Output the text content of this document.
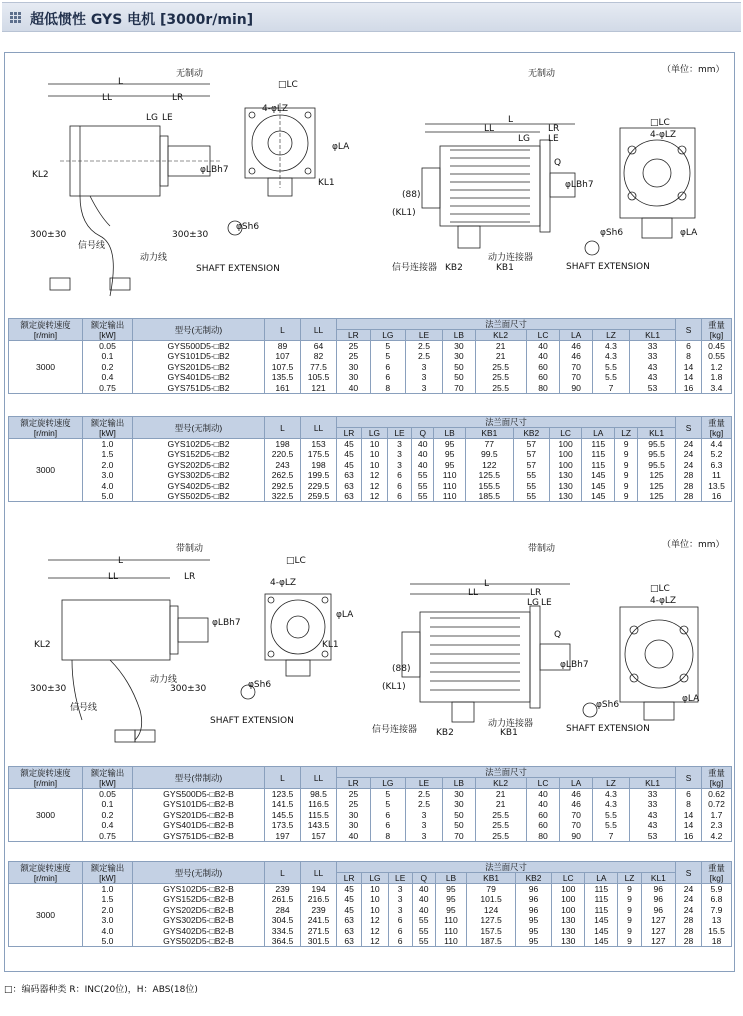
超低惯性 GYS 电机 [3000r/min]
无制动	无制动	（单位：mm）
带制动	带制动	（单位：mm）
L
LL	LR
LG LE
□LC
4-φLZ
φLA
φLBh7
KL1
KL2
300±30	300±30
信号线
动力线
φSh6
SHAFT EXTENSION
L
LL	LR
LG LE
Q
□LC
4-φLZ
φLA
φLBh7
(KL1)
(88)
信号连接器
动力连接器
KB2	KB1
φSh6
SHAFT EXTENSION
L
LL	LR
□LC
4-φLZ
φLA
φLBh7
KL1
KL2
300±30	300±30
信号线
动力线	φSh6
SHAFT EXTENSION
L
LL	LR
LG LE
Q
□LC
4-φLZ
φLA
φLBh7
(KL1)
(88)
信号连接器
动力连接器
KB2	KB1
φSh6
SHAFT EXTENSION
额定旋转速度
[r/min]	额定输出
[kW]	型号(无制动)	L	LL	法兰面尺寸									S	重量
[kg]
					LR	LG	LE	LB	KL2	LC	LA	LZ	KL1		
3000	0.05	GYS500D5-□B2	89	64	25	5	2.5	30	21	40	46	4.3	33	6	0.45
	0.1	GYS101D5-□B2	107	82	25	5	2.5	30	21	40	46	4.3	33	8	0.55
	0.2	GYS201D5-□B2	107.5	77.5	30	6	3	50	25.5	60	70	5.5	43	14	1.2
	0.4	GYS401D5-□B2	135.5	105.5	30	6	3	50	25.5	60	70	5.5	43	14	1.8
	0.75	GYS751D5-□B2	161	121	40	8	3	70	25.5	80	90	7	53	16	3.4
额定旋转速度
[r/min]	额定输出
[kW]	型号(无制动)	L	LL	法兰面尺寸											S	重量
[kg]
					LR	LG	LE	Q	LB	KB1	KB2	LC	LA	LZ	KL1		
3000	1.0	GYS102D5-□B2	198	153	45	10	3	40	95	77	57	100	115	9	95.5	24	4.4
	1.5	GYS152D5-□B2	220.5	175.5	45	10	3	40	95	99.5	57	100	115	9	95.5	24	5.2
	2.0	GYS202D5-□B2	243	198	45	10	3	40	95	122	57	100	115	9	95.5	24	6.3
	3.0	GYS302D5-□B2	262.5	199.5	63	12	6	55	110	125.5	55	130	145	9	125	28	11
	4.0	GYS402D5-□B2	292.5	229.5	63	12	6	55	110	155.5	55	130	145	9	125	28	13.5
	5.0	GYS502D5-□B2	322.5	259.5	63	12	6	55	110	185.5	55	130	145	9	125	28	16
额定旋转速度
[r/min]	额定输出
[kW]	型号(带制动)	L	LL	法兰面尺寸									S	重量
[kg]
					LR	LG	LE	LB	KL2	LC	LA	LZ	KL1		
3000	0.05	GYS500D5-□B2-B	123.5	98.5	25	5	2.5	30	21	40	46	4.3	33	6	0.62
	0.1	GYS101D5-□B2-B	141.5	116.5	25	5	2.5	30	21	40	46	4.3	33	8	0.72
	0.2	GYS201D5-□B2-B	145.5	115.5	30	6	3	50	25.5	60	70	5.5	43	14	1.7
	0.4	GYS401D5-□B2-B	173.5	143.5	30	6	3	50	25.5	60	70	5.5	43	14	2.3
	0.75	GYS751D5-□B2-B	197	157	40	8	3	70	25.5	80	90	7	53	16	4.2
额定旋转速度
[r/min]	额定输出
[kW]	型号(无制动)	L	LL	法兰面尺寸											S	重量
[kg]
					LR	LG	LE	Q	LB	KB1	KB2	LC	LA	LZ	KL1		
3000	1.0	GYS102D5-□B2-B	239	194	45	10	3	40	95	79	96	100	115	9	96	24	5.9
	1.5	GYS152D5-□B2-B	261.5	216.5	45	10	3	40	95	101.5	96	100	115	9	96	24	6.8
	2.0	GYS202D5-□B2-B	284	239	45	10	3	40	95	124	96	100	115	9	96	24	7.9
	3.0	GYS302D5-□B2-B	304.5	241.5	63	12	6	55	110	127.5	95	130	145	9	127	28	13
	4.0	GYS402D5-□B2-B	334.5	271.5	63	12	6	55	110	157.5	95	130	145	9	127	28	15.5
	5.0	GYS502D5-□B2-B	364.5	301.5	63	12	6	55	110	187.5	95	130	145	9	127	28	18
□：编码器种类 R：INC(20位)，H：ABS(18位)
